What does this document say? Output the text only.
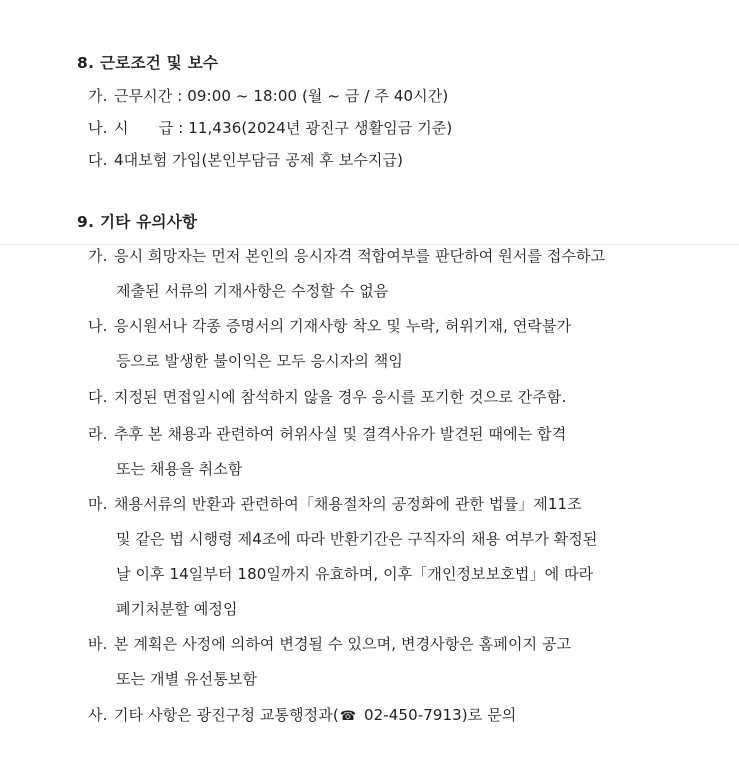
8. 근로조건 및 보수
가. 근무시간 : 09:00 ~ 18:00 (월 ~ 금 / 주 40시간)
나. 시　　급 : 11,436(2024년 광진구 생활임금 기준)
다. 4대보험 가입(본인부담금 공제 후 보수지급)
9. 기타 유의사항
가. 응시 희망자는 먼저 본인의 응시자격 적합여부를 판단하여 원서를 접수하고
제출된 서류의 기재사항은 수정할 수 없음
나. 응시원서나 각종 증명서의 기재사항 착오 및 누락, 허위기재, 연락불가
등으로 발생한 불이익은 모두 응시자의 책임
다. 지정된 면접일시에 참석하지 않을 경우 응시를 포기한 것으로 간주함.
라. 추후 본 채용과 관련하여 허위사실 및 결격사유가 발견된 때에는 합격
또는 채용을 취소함
마. 채용서류의 반환과 관련하여「채용절차의 공정화에 관한 법률」제11조
및 같은 법 시행령 제4조에 따라 반환기간은 구직자의 채용 여부가 확정된
날 이후 14일부터 180일까지 유효하며, 이후「개인정보보호법」에 따라
폐기처분할 예정임
바. 본 계획은 사정에 의하여 변경될 수 있으며, 변경사항은 홈페이지 공고
또는 개별 유선통보함
사. 기타 사항은 광진구청 교통행정과(☎ 02-450-7913)로 문의
